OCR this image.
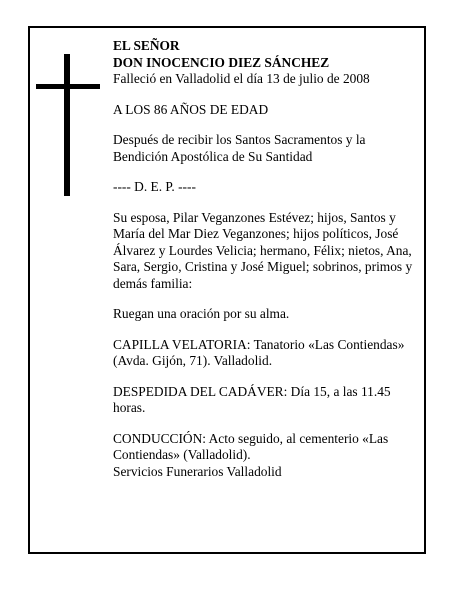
EL SEÑOR
DON INOCENCIO DIEZ SÁNCHEZ

Falleció en Valladolid el día 13 de julio de 2008

A LOS 86 AÑOS DE EDAD

Después de recibir los Santos Sacramentos y la Bendición Apostólica de Su Santidad

---- D. E. P. ----

Su esposa, Pilar Veganzones Estévez; hijos, Santos y María del Mar Diez Veganzones; hijos políticos, José Álvarez y Lourdes Velicia; hermano, Félix; nietos, Ana, Sara, Sergio, Cristina y José Miguel; sobrinos, primos y demás familia:

Ruegan una oración por su alma.

CAPILLA VELATORIA: Tanatorio «Las Contiendas» (Avda. Gijón, 71). Valladolid.

DESPEDIDA DEL CADÁVER: Día 15, a las 11.45 horas.

CONDUCCIÓN: Acto seguido, al cementerio «Las Contiendas» (Valladolid).

Servicios Funerarios Valladolid
